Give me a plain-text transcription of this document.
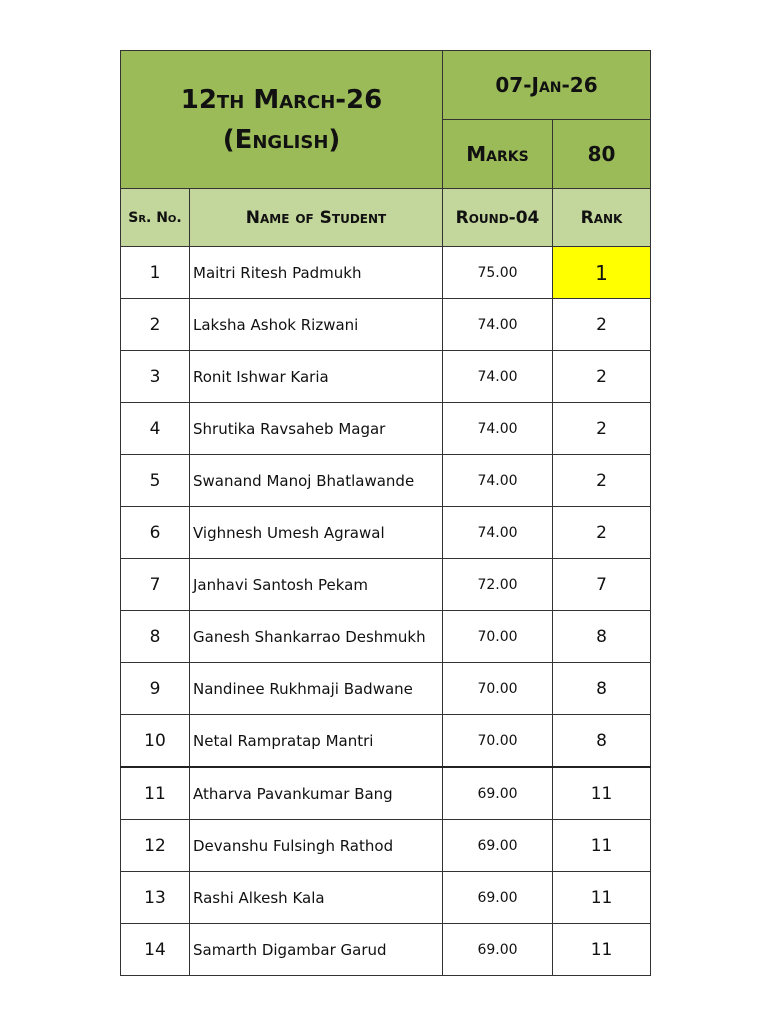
12th March-26
(English)		07-Jan-26	
		Marks	80
Sr. No.	Name of Student	Round-04	Rank
1	Maitri Ritesh Padmukh	75.00	1
2	Laksha Ashok Rizwani	74.00	2
3	Ronit Ishwar Karia	74.00	2
4	Shrutika Ravsaheb Magar	74.00	2
5	Swanand Manoj Bhatlawande	74.00	2
6	Vighnesh Umesh Agrawal	74.00	2
7	Janhavi Santosh Pekam	72.00	7
8	Ganesh Shankarrao Deshmukh	70.00	8
9	Nandinee Rukhmaji Badwane	70.00	8
10	Netal Rampratap Mantri	70.00	8
11	Atharva Pavankumar Bang	69.00	11
12	Devanshu Fulsingh Rathod	69.00	11
13	Rashi Alkesh Kala	69.00	11
14	Samarth Digambar Garud	69.00	11
